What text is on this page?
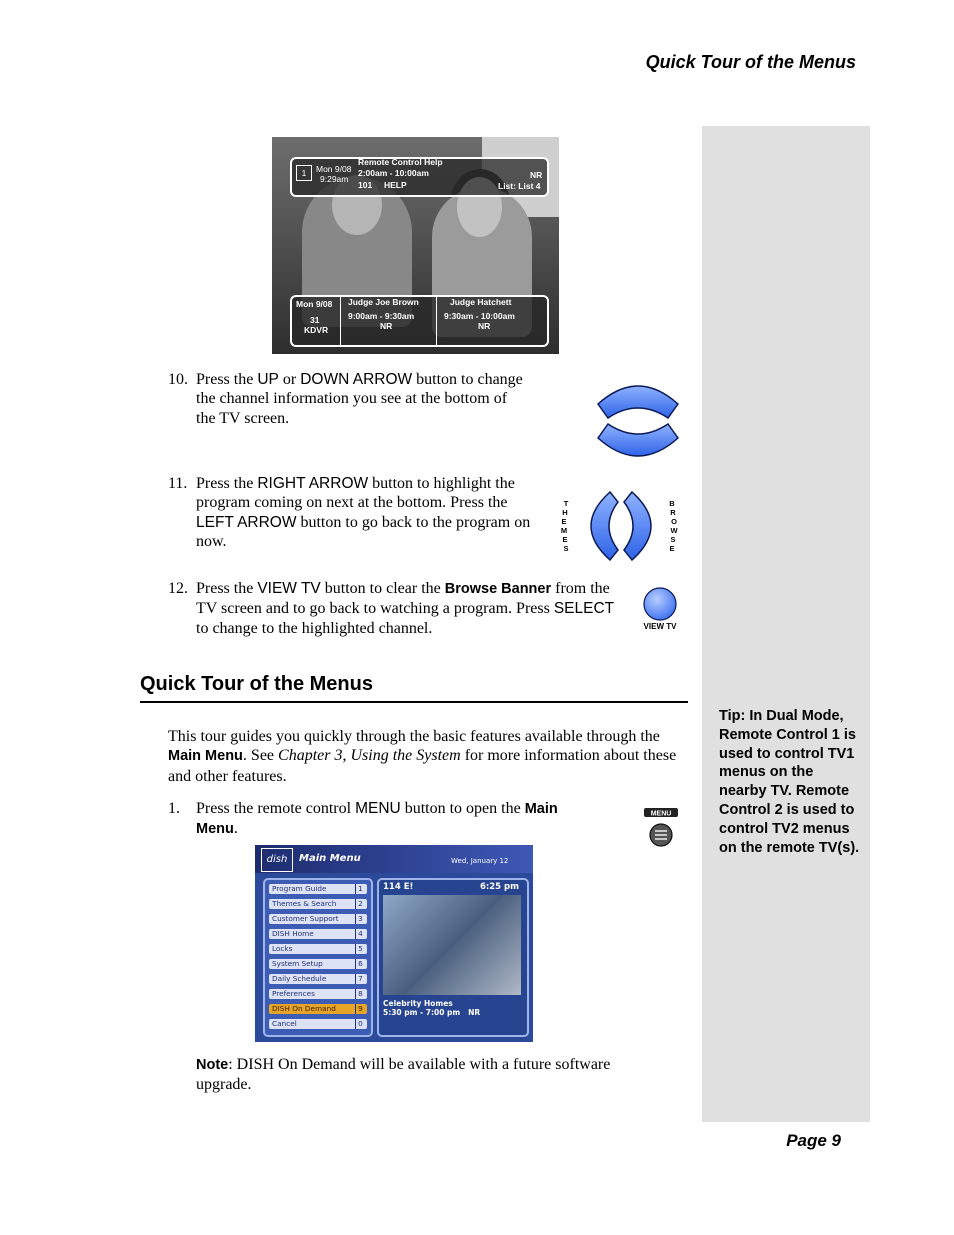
Quick Tour of the Menus
Tip: In Dual Mode, Remote Control 1 is used to control TV1 menus on the nearby TV. Remote Control 2 is used to control TV2 menus on the remote TV(s).
1	Mon 9/08
9:29am
Remote Control Help
2:00am - 10:00am
101 HELP
NR
List: List 4
Mon 9/08
31
KDVR
Judge Joe Brown
9:00am - 9:30am
NR
Judge Hatchett
9:30am - 10:00am
NR
10. Press the UP or DOWN ARROW button to change the channel information you see at the bottom of the TV screen.
11. Press the RIGHT ARROW button to highlight the program coming on next at the bottom. Press the LEFT ARROW button to go back to the program on now.
T
H
E
M
E
S
B
R
O
W
S
E
12. Press the VIEW TV button to clear the Browse Banner from the TV screen and to go back to watching a program. Press SELECT to change to the highlighted channel.	VIEW TV
Quick Tour of the Menus
This tour guides you quickly through the basic features available through the Main Menu. See Chapter 3, Using the System for more information about these and other features.
1.	Press the remote control MENU button to open the Main Menu.
MENU
dish	Main Menu	Wed, January 12
Program Guide	1
Themes & Search	2
Customer Support	3
DISH Home	4
Locks	5
System Setup	6
Daily Schedule	7
Preferences	8
DISH On Demand	9
Cancel	0
114 E!	6:25 pm
Celebrity Homes
5:30 pm - 7:00 pm NR
Note: DISH On Demand will be available with a future software upgrade.
Page 9
